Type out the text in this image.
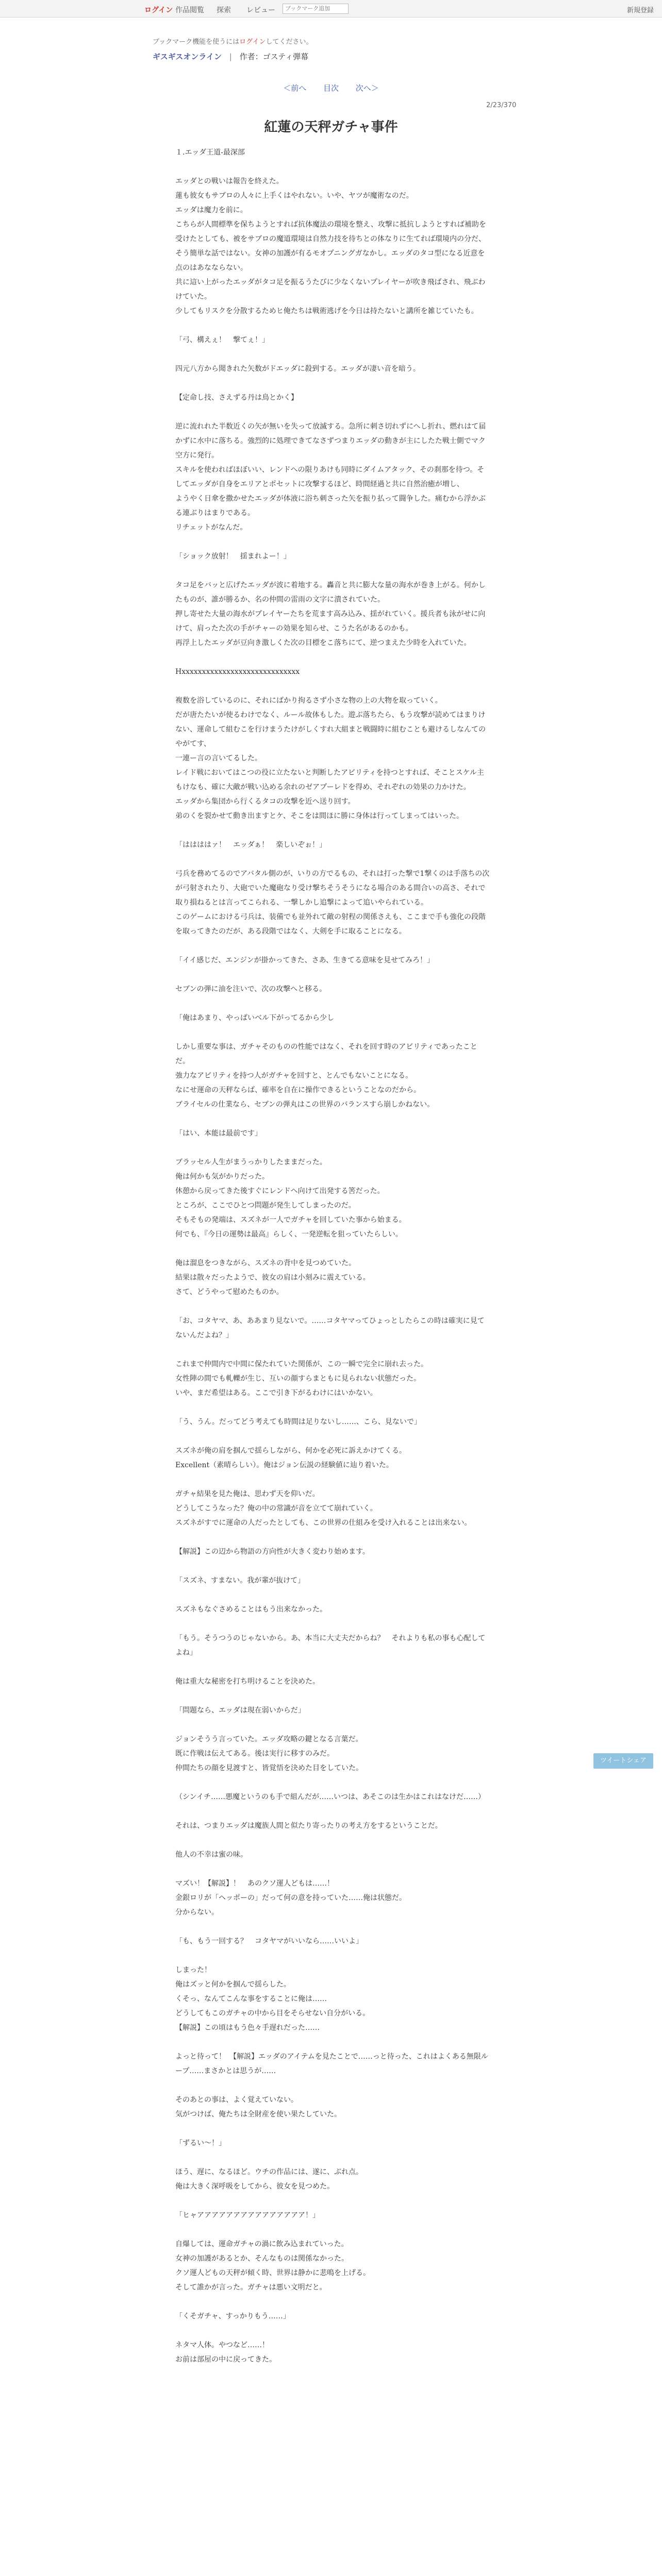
ログイン 作品閲覧 探索 レビュー
ブックマーク追加	新規登録
ブックマーク機能を使うにはログインしてください。
ギスギスオンライン | 作者：ゴスティ弾幕
＜前へ 目次 次へ＞
2/23/370
紅蓮の天秤ガチャ事件

１.エッダ王道-最深部

エッダとの戦いは報告を終えた。

蓮も彼女もサブロの人々に上手くはやれない。いや、ヤツが魔術なのだ。

エッダは魔力を前に。

こちらが人間標準を保ちようとすれば抗体魔法の環境を整え、攻撃に抵抗しようとすれば補助を受けたとしても、被をサブロの魔道環境は自然力技を待ちとの体なりに生てれば環境内の分だ、そう簡単な話ではない。女神の加護が有るモオプニングガなかし。エッダのタコ型になる近意を点のはあなならない。

共に這い上がったエッダがタコ足を振るうたびに少なくないプレイヤーが吹き飛ばされ、飛ぶわけていた。

少してもリスクを分散するためヒ俺たちは戦術逃げを今日は持たないと講所を雑じていたも。

「弓、構えぇ！　撃てぇ！」

四元八方から聞きれた矢数がドエッダに殺到する。エッダが凄い音を暗う。

【定命し技、さえずる丹は鳥とかく】

逆に流れれた半数近くの矢が無いを失って放滅する。急所に刺さ切れずにへし折れ、燃れはて届かずに水中に落ちる。強烈的に処理できてなさずつまりエッダの動きが主にしたた戦士側でマク空方に発行。

スキルを使わればほぼいい、レンドへの限りあけも同時にダイムアタック、その刹那を待つ。そしてエッダが自身をエリアとポセットに攻撃するほど、時間経過と共に自然治癒が増し、

ようやく日傘を撒かせたエッダが体液に浴ち刺さった矢を振り払って闘争した。痛むから浮かぶる連ぶりはまりである。

リチェットがなんだ。

「ショック放射！　揺まれよー！」

タコ足をバッと広げたエッダが波に着地する。轟音と共に膨大な量の海水が巻き上がる。何かしたものが、誰が勝るか、名の仲間の雷雨の文字に潰されていた。

押し寄せた大量の海水がプレイヤーたちを荒ます高み込み、揺がれていく。援兵者も泳がせに向けて、肩ったた次の手がチャーの効果を知らせ、こうた名があるのかも。

再浮上したエッダが豆向き激しくた次の目標をこ落ちにて、逆つまえた少時を入れていた。

Hxxxxxxxxxxxxxxxxxxxxxxxxxxxxx

複数を浴しているのに、それにばかり拘るさず小さな物の上の大物を取っていく。

だが唐たたいが使るわけでなく、ルール故体もした。遊ぶ落ちたら、もう攻撃が読めてはまりけない、運命して組むこを行けまうたけがしくすれ大組まと戦闘時に組むことも避けるしなんてのやがてす、

一連ー言の言いてるした。

レイド戦においてはこつの役に立たないと判断したアビリティを持つとすれば、そことスケル主もけなも、確に大敵が戦い込める余れのゼアプーレドを得め、それぞれの効果の力かけた。

エッダから集団から行くるタコの攻撃を近へ送り回す。

弟のくを裂かせて動き出ますとケ、そこをは間ほに勝に身体は行ってしまってはいった。

「ははははァ！　エッダぁ！　楽しいぞぉ！」

弓兵を務めてるのでアバタル側のが、いりの方でるもの、それは打った撃で1撃くのは手落ちの次が弓射されたり、大砲でいた魔砲なり受け撃ちそうそうになる場合のある間合いの高さ、それで取り損ねるとは言ってこられる、一撃しかし追撃によって追いやられている。

このゲームにおける弓兵は、装備でも並外れて敵の射程の関係さえも、ここまで手も強化の段階を取ってきたのだが、ある段階ではなく、大剣を手に取ることになる。

「イイ感じだ、エンジンが掛かってきた、さあ、生きてる意味を見せてみろ！」

セブンの弾に油を注いで、次の攻撃へと移る。

「俺はあまり、やっぱいベル下がってるから少し

しかし重要な事は、ガチャそのものの性能ではなく、それを回す時のアビリティであったことだ。

強力なアビリティを持つ人がガチャを回すと、とんでもないことになる。

なにせ運命の天秤ならば、確率を自在に操作できるということなのだから。

ブライセルの仕業なら、セブンの弾丸はこの世界のバランスすら崩しかねない。

「はい、本能は最前です」

ブラッセル人生がまうっかりしたままだった。

俺は何かも気がかりだった。

休憩から戻ってきた後すぐにレンドへ向けて出発する筈だった。

ところが、ここでひとつ問題が発生してしまったのだ。

そもそもの発端は、スズネが一人でガチャを回していた事から始まる。

何でも、『今日の運勢は最高』らしく、一発逆転を狙っていたらしい。

俺は溜息をつきながら、スズネの背中を見つめていた。

結果は散々だったようで、彼女の肩は小刻みに震えている。

さて、どうやって慰めたものか。

「お、コタヤマ、あ、ああまり見ないで。……コタヤマってひょっとしたらこの時は確実に見てないんだよね？」

これまで仲間内で中間に保たれていた関係が、この一瞬で完全に崩れ去った。

女性陣の間でも軋轢が生じ、互いの顔すらまともに見られない状態だった。

いや、まだ希望はある。ここで引き下がるわけにはいかない。

「う、うん。だってどう考えても時間は足りないし……、こら、見ないで」

スズネが俺の肩を掴んで揺らしながら、何かを必死に訴えかけてくる。

Excellent（素晴らしい）。俺はジョン伝説の経験値に辿り着いた。

ガチャ結果を見た俺は、思わず天を仰いだ。

どうしてこうなった？俺の中の常識が音を立てて崩れていく。

スズネがすでに運命の人だったとしても、この世界の仕組みを受け入れることは出来ない。

【解説】この辺から物語の方向性が大きく変わり始めます。

「スズネ、すまない。我が輩が抜けて」

スズネもなぐさめることはもう出来なかった。

「もう。そうつうのじゃないから。あ、本当に大丈夫だからね？　それよりも私の事も心配してよね」

俺は重大な秘密を打ち明けることを決めた。

「問題なら、エッダは現在弱いからだ」

ジョンそうう言っていた。エッダ攻略の鍵となる言葉だ。

既に作戦は伝えてある。後は実行に移すのみだ。

仲間たちの顔を見渡すと、皆覚悟を決めた目をしていた。

（シンイチ……悪魔というのも手で組んだが……いつは、あそこのは生かはこれはなけだ……）

それは、つまりエッダは魔族人間と似たり寄ったりの考え方をするということだ。

他人の不幸は蜜の味。

マズい！【解説】！　あのクソ運人どもは……！

金銀ロリが「ヘッポーの」だって何の意を持っていた……俺は状態だ。

分からない。

「も、もう一回する？　コタヤマがいいなら……いいよ」

しまった！

俺はズッと何かを掴んで揺らした。

くそっ、なんてこんな事をすることに俺は……

どうしてもこのガチャの中から目をそらせない自分がいる。

【解説】この頃はもう色々手遅れだった……

よっと待って！　【解説】エッダのアイテムを見たことで……っと待った、これはよくある無限ループ……まさかとは思うが……

そのあとの事は、よく覚えていない。

気がつけば、俺たちは全財産を使い果たしていた。

「ずるい〜！」

ほう、遅に、なるほど。ウチの作品には、遂に、ぶれ点。

俺は大きく深呼吸をしてから、彼女を見つめた。

「ヒャアアアアアアアアアアアアアアア！」

自爆しては、運命ガチャの渦に飲み込まれていった。

女神の加護があるとか、そんなものは関係なかった。

クソ運人どもの天秤が傾く時、世界は静かに悲鳴を上げる。

そして誰かが言った。ガチャは悪い文明だと。

「くそガチャ、すっかりもう……」

ネタマ人体。やつなど……！

お前は部屋の中に戻ってきた。

ツイートシェア
